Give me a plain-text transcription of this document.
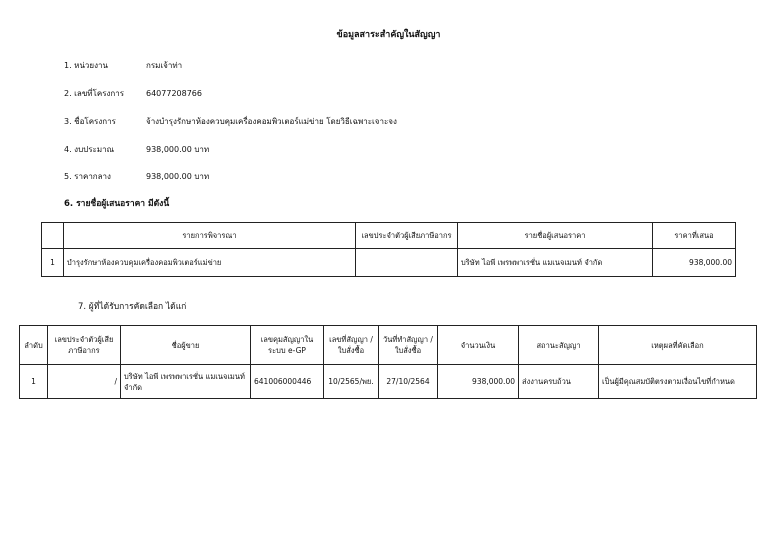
ข้อมูลสาระสำคัญในสัญญา
1. หน่วยงาน	กรมเจ้าท่า
2. เลขที่โครงการ	64077208766
3. ชื่อโครงการ	จ้างบำรุงรักษาห้องควบคุมเครื่องคอมพิวเตอร์แม่ข่าย โดยวิธีเฉพาะเจาะจง
4. งบประมาณ	938,000.00 บาท
5. ราคากลาง	938,000.00 บาท
6. รายชื่อผู้เสนอราคา มีดังนี้
	รายการพิจารณา	เลขประจำตัวผู้เสียภาษีอากร	รายชื่อผู้เสนอราคา	ราคาที่เสนอ
1	บำรุงรักษาห้องควบคุมเครื่องคอมพิวเตอร์แม่ข่าย		บริษัท ไอพี เพรพพาเรชั่น แมเนจเมนท์ จำกัด	938,000.00
7. ผู้ที่ได้รับการคัดเลือก ได้แก่
ลำดับ	เลขประจำตัวผู้เสียภาษีอากร	ชื่อผู้ขาย	เลขคุมสัญญาในระบบ e-GP	เลขที่สัญญา / ใบสั่งซื้อ	วันที่ทำสัญญา / ใบสั่งซื้อ	จำนวนเงิน	สถานะสัญญา	เหตุผลที่คัดเลือก
1	/	บริษัท ไอพี เพรพพาเรชั่น แมเนจเมนท์ จำกัด	641006000446	10/2565/พย.	27/10/2564	938,000.00	ส่งงานครบถ้วน	เป็นผู้มีคุณสมบัติตรงตามเงื่อนไขที่กำหนด
